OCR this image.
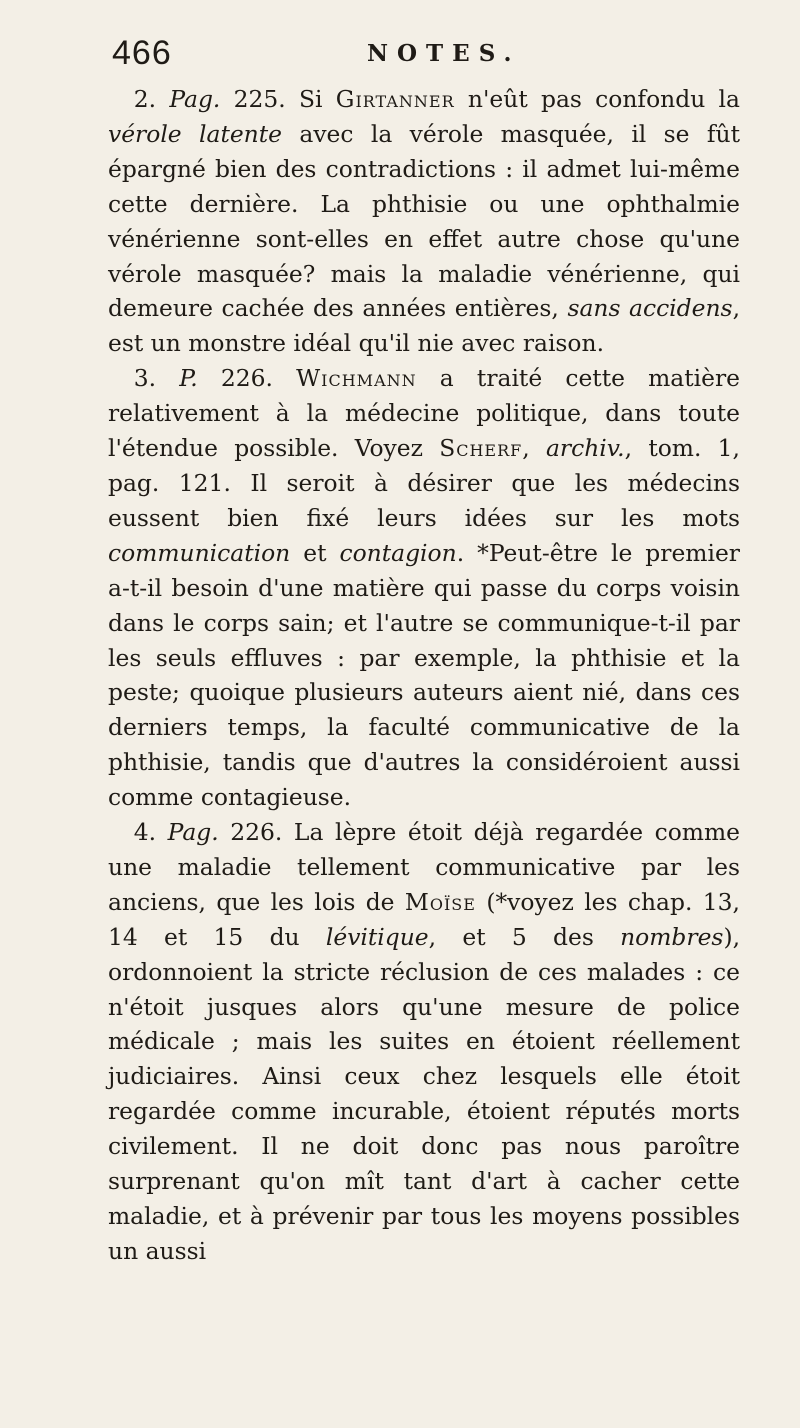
466	NOTES.

2. Pag. 225. Si Girtanner n'eût pas confondu la vérole latente avec la vérole masquée, il se fût épargné bien des contradictions : il admet lui-même cette dernière. La phthisie ou une ophthalmie vénérienne sont-elles en effet autre chose qu'une vérole masquée? mais la maladie vénérienne, qui demeure cachée des années entières, sans accidens, est un monstre idéal qu'il nie avec raison.

3. P. 226. Wichmann a traité cette matière relativement à la médecine politique, dans toute l'étendue possible. Voyez Scherf, archiv., tom. 1, pag. 121. Il seroit à désirer que les médecins eussent bien fixé leurs idées sur les mots communication et contagion. *Peut-être le premier a-t-il besoin d'une matière qui passe du corps voisin dans le corps sain; et l'autre se communique-t-il par les seuls effluves : par exemple, la phthisie et la peste; quoique plusieurs auteurs aient nié, dans ces derniers temps, la faculté communicative de la phthisie, tandis que d'autres la considéroient aussi comme contagieuse.

4. Pag. 226. La lèpre étoit déjà regardée comme une maladie tellement communicative par les anciens, que les lois de Moïse (*voyez les chap. 13, 14 et 15 du lévitique, et 5 des nombres), ordonnoient la stricte réclusion de ces malades : ce n'étoit jusques alors qu'une mesure de police médicale ; mais les suites en étoient réellement judiciaires. Ainsi ceux chez lesquels elle étoit regardée comme incurable, étoient réputés morts civilement. Il ne doit donc pas nous paroître surprenant qu'on mît tant d'art à cacher cette maladie, et à prévenir par tous les moyens possibles un aussi
